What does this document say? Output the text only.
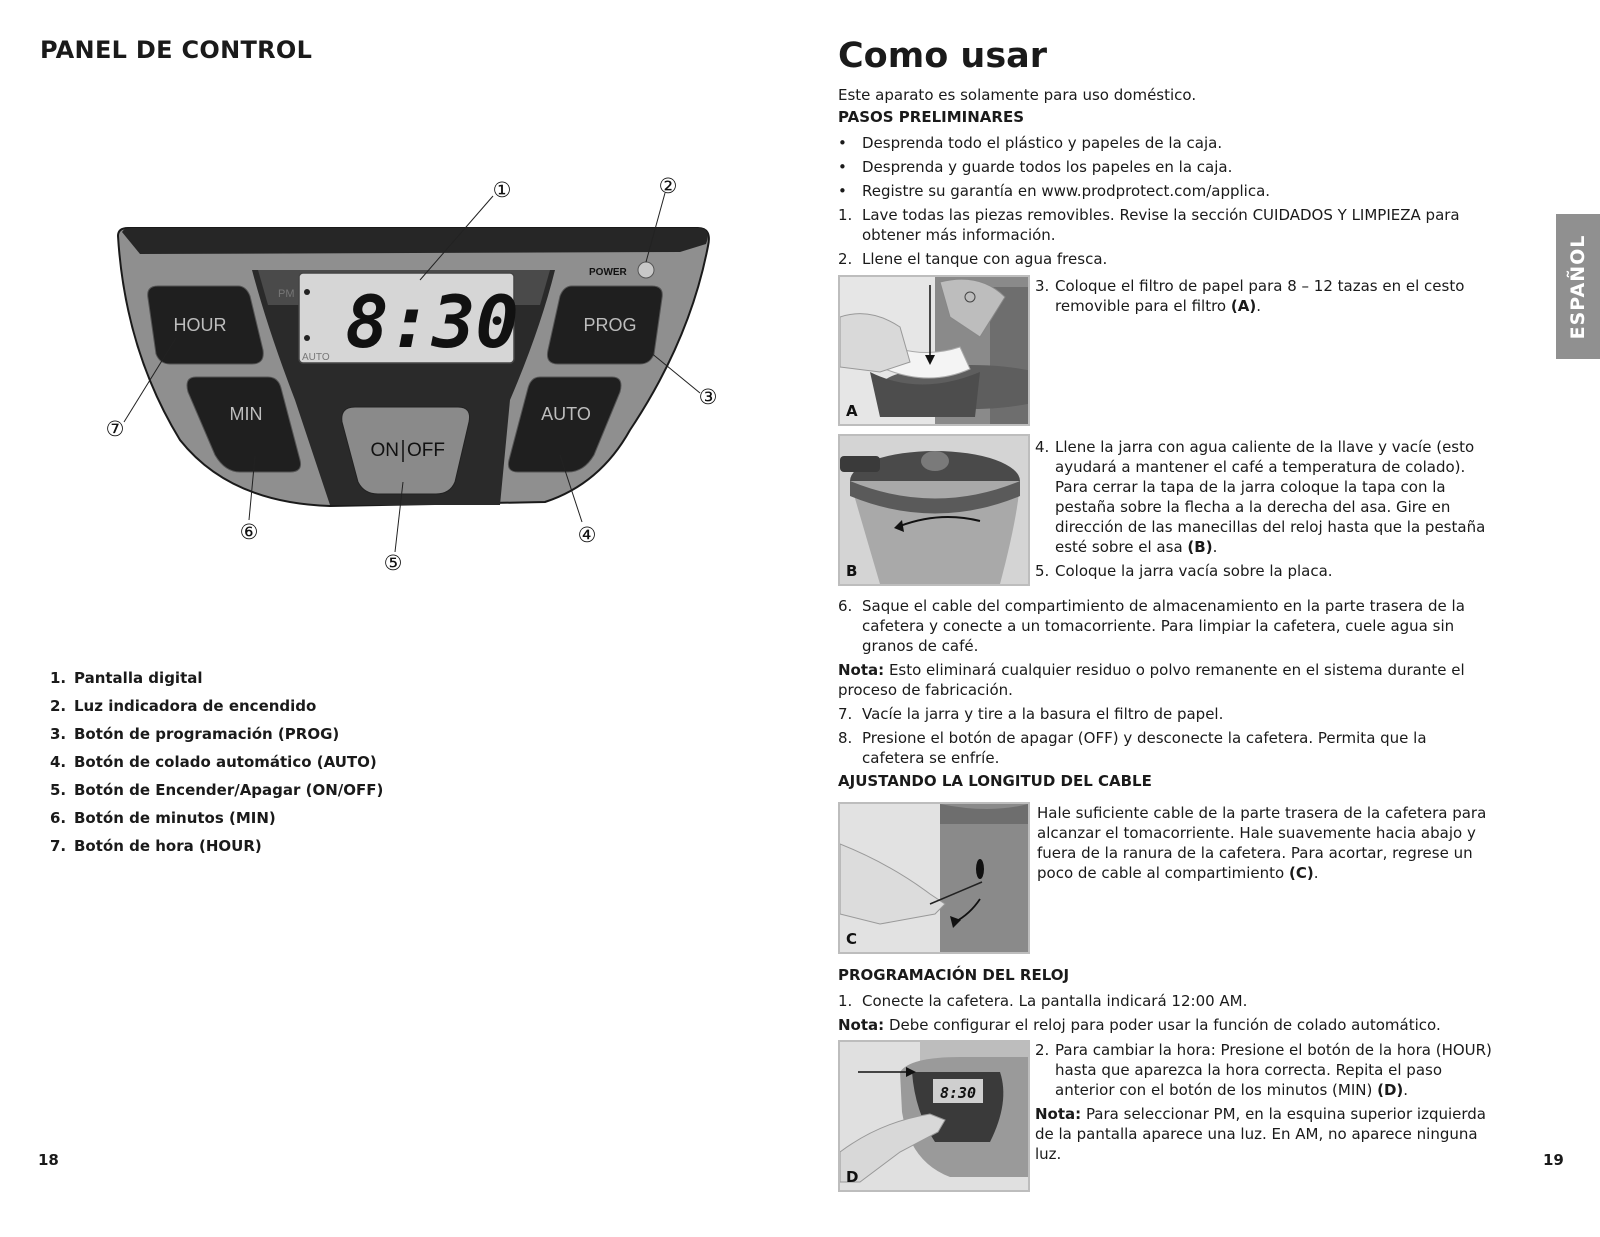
PANEL DE CONTROL
PM
AUTO 8:30
POWER
HOUR	PROG
MIN	AUTO
ON OFF
①	②
③
④
⑤
⑥
⑦
1. Pantalla digital
2. Luz indicadora de encendido
3. Botón de programación (PROG)
4. Botón de colado automático (AUTO)
5. Botón de Encender/Apagar (ON/OFF)
6. Botón de minutos (MIN)
7. Botón de hora (HOUR)
18
Como usar
Este aparato es solamente para uso doméstico.
PASOS PRELIMINARES
• Desprenda todo el plástico y papeles de la caja.
• Desprenda y guarde todos los papeles en la caja.
• Registre su garantía en www.prodprotect.com/applica.
1. Lave todas las piezas removibles. Revise la sección CUIDADOS Y LIMPIEZA para
obtener más información.
2. Llene el tanque con agua fresca.
A
3. Coloque el filtro de papel para 8 – 12 tazas en el cesto
removible para el filtro (A).
B
4. Llene la jarra con agua caliente de la llave y vacíe (esto
ayudará a mantener el café a temperatura de colado).
Para cerrar la tapa de la jarra coloque la tapa con la
pestaña sobre la flecha a la derecha del asa. Gire en
dirección de las manecillas del reloj hasta que la pestaña
esté sobre el asa (B).
5. Coloque la jarra vacía sobre la placa.
6. Saque el cable del compartimiento de almacenamiento en la parte trasera de la
cafetera y conecte a un tomacorriente. Para limpiar la cafetera, cuele agua sin
granos de café.
Nota: Esto eliminará cualquier residuo o polvo remanente en el sistema durante el
proceso de fabricación.
7. Vacíe la jarra y tire a la basura el filtro de papel.
8. Presione el botón de apagar (OFF) y desconecte la cafetera. Permita que la
cafetera se enfríe.
AJUSTANDO LA LONGITUD DEL CABLE
C
Hale suficiente cable de la parte trasera de la cafetera para
alcanzar el tomacorriente. Hale suavemente hacia abajo y
fuera de la ranura de la cafetera. Para acortar, regrese un
poco de cable al compartimiento (C).
PROGRAMACIÓN DEL RELOJ
1. Conecte la cafetera. La pantalla indicará 12:00 AM.
Nota: Debe configurar el reloj para poder usar la función de colado automático.
8:30
D
2. Para cambiar la hora: Presione el botón de la hora (HOUR)
hasta que aparezca la hora correcta. Repita el paso
anterior con el botón de los minutos (MIN) (D).
Nota: Para seleccionar PM, en la esquina superior izquierda
de la pantalla aparece una luz. En AM, no aparece ninguna
luz.
ESPAÑOL
19
